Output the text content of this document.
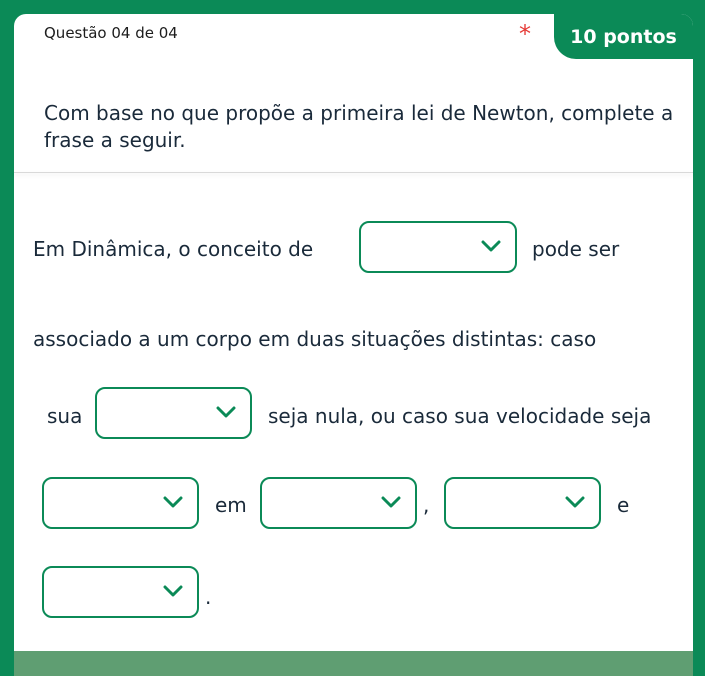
Questão 04 de 04	*	10 pontos
Com base no que propõe a primeira lei de Newton, complete a frase a seguir.
Em Dinâmica, o conceito de	pode ser
associado a um corpo em duas situações distintas: caso
sua	seja nula, ou caso sua velocidade seja
em	,	e
.
